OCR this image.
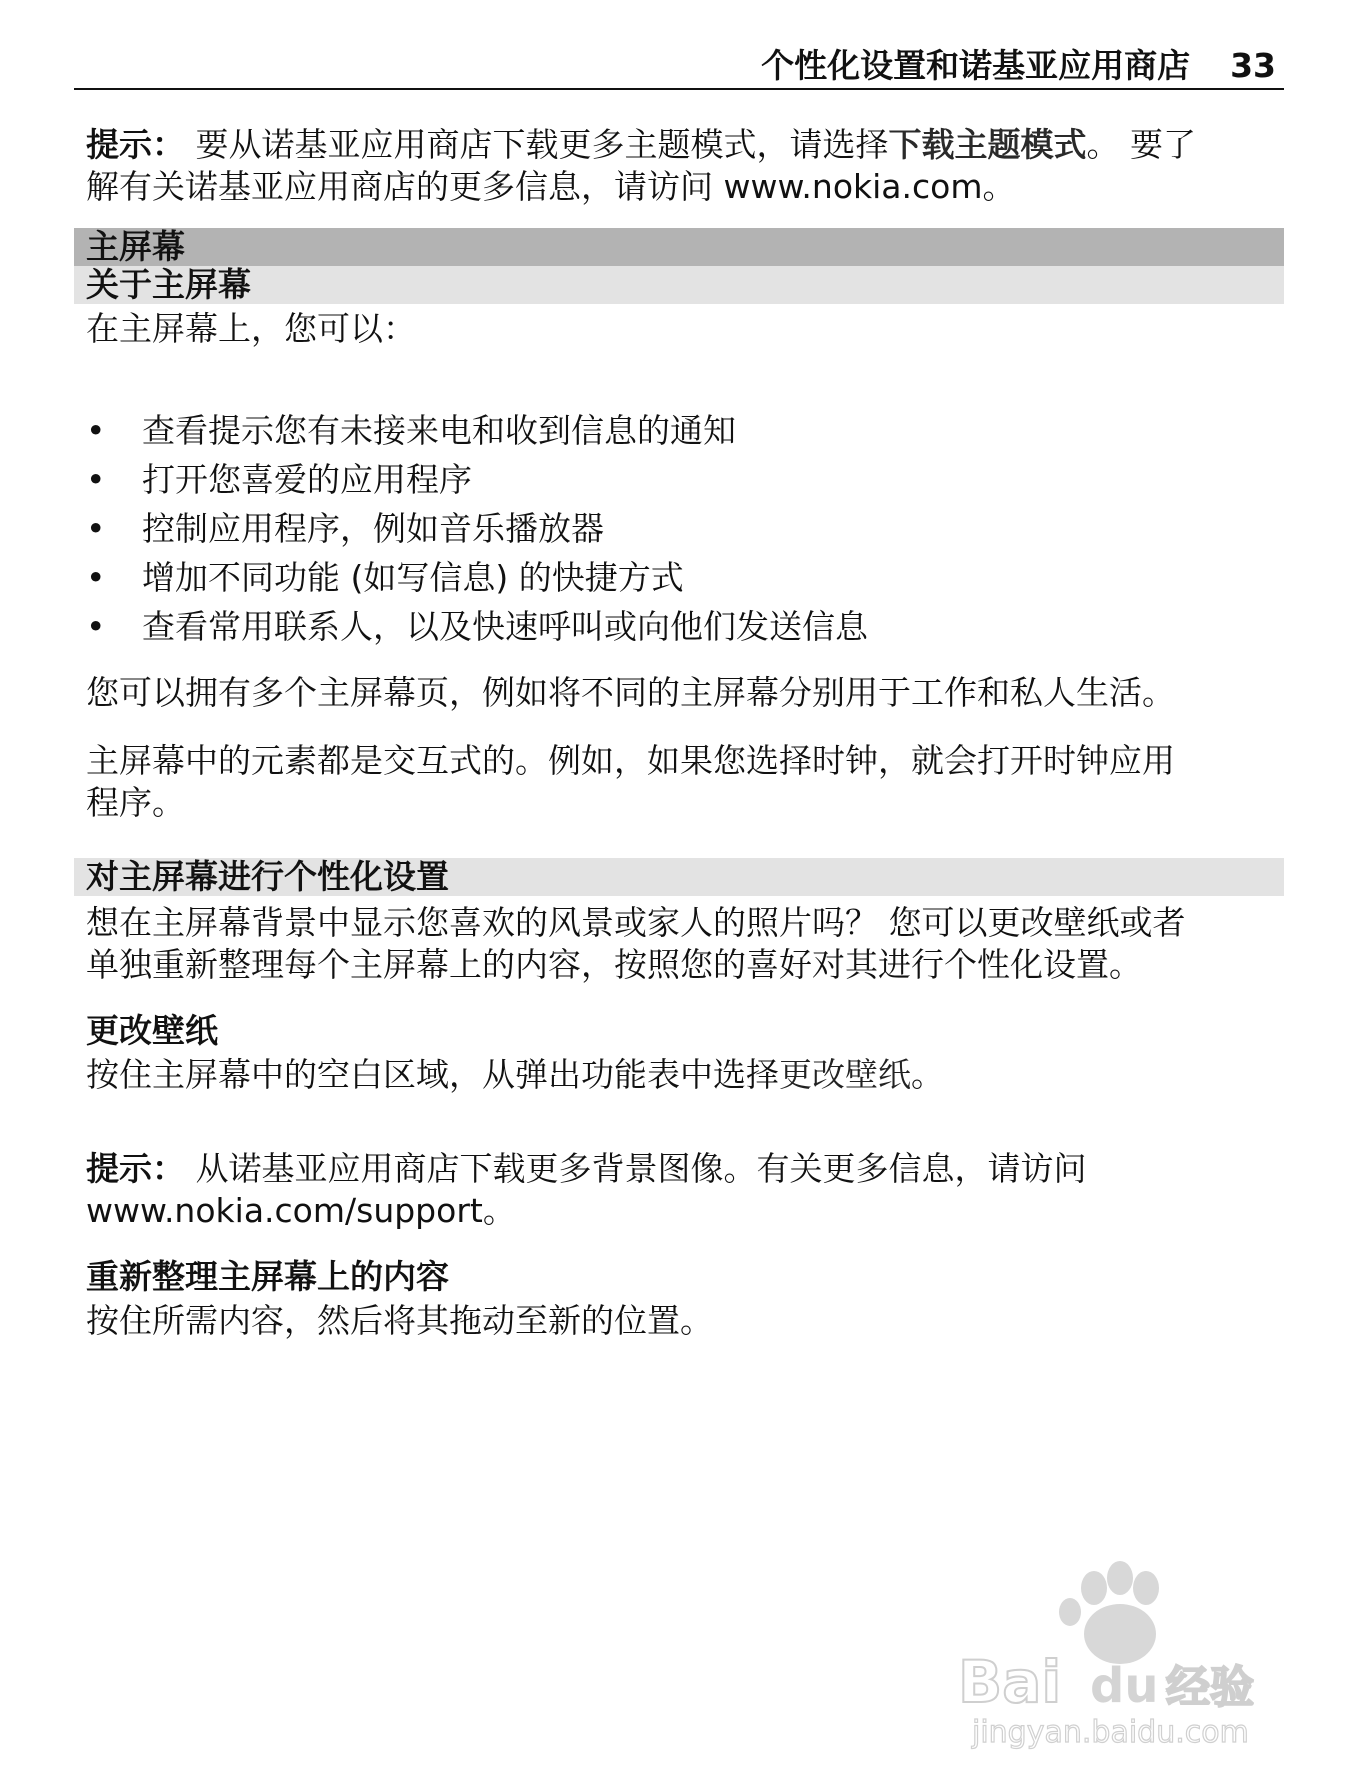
个性化设置和诺基亚应用商店 33

提示： 要从诺基亚应用商店下载更多主题模式，请选择下载主题模式。 要了

解有关诺基亚应用商店的更多信息，请访问 www.nokia.com。

主屏幕
关于主屏幕

在主屏幕上，您可以：

• 查看提示您有未接来电和收到信息的通知
• 打开您喜爱的应用程序
• 控制应用程序，例如音乐播放器
• 增加不同功能 (如写信息) 的快捷方式
• 查看常用联系人，以及快速呼叫或向他们发送信息

您可以拥有多个主屏幕页，例如将不同的主屏幕分别用于工作和私人生活。

主屏幕中的元素都是交互式的。例如，如果您选择时钟，就会打开时钟应用

程序。

对主屏幕进行个性化设置

想在主屏幕背景中显示您喜欢的风景或家人的照片吗？ 您可以更改壁纸或者

单独重新整理每个主屏幕上的内容，按照您的喜好对其进行个性化设置。

更改壁纸

按住主屏幕中的空白区域，从弹出功能表中选择更改壁纸。

提示： 从诺基亚应用商店下载更多背景图像。有关更多信息，请访问

www.nokia.com/support。

重新整理主屏幕上的内容

按住所需内容，然后将其拖动至新的位置。

Bai du 经验
jingyan.baidu.com
